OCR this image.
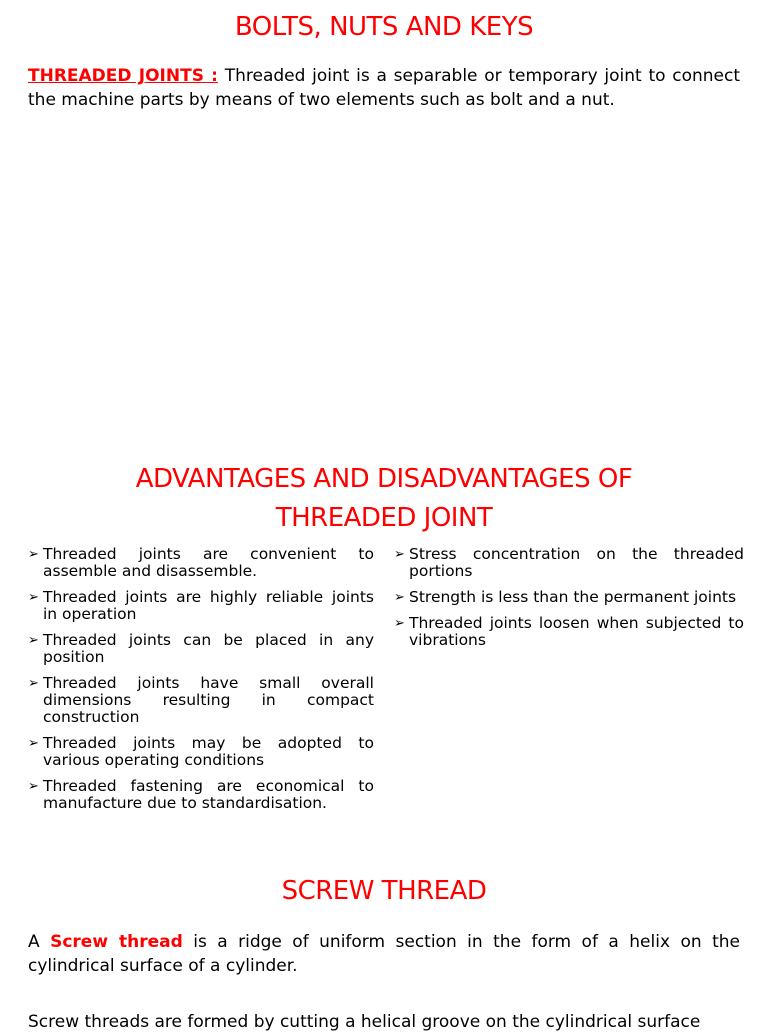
BOLTS, NUTS AND KEYS

THREADED JOINTS : Threaded joint is a separable or temporary joint to connect the machine parts by means of two elements such as bolt and a nut.

ADVANTAGES AND DISADVANTAGES OF
THREADED JOINT
➢ Threaded joints are convenient to assemble and disassemble.
➢ Threaded joints are highly reliable joints in operation
➢ Threaded joints can be placed in any position
➢ Threaded joints have small overall dimensions resulting in compact construction
➢ Threaded joints may be adopted to various operating conditions
➢ Threaded fastening are economical to manufacture due to standardisation.
➢ Stress concentration on the threaded portions
➢ Strength is less than the permanent joints
➢ Threaded joints loosen when subjected to vibrations
SCREW THREAD

A Screw thread is a ridge of uniform section in the form of a helix on the cylindrical surface of a cylinder.

Screw threads are formed by cutting a helical groove on the cylindrical surface
